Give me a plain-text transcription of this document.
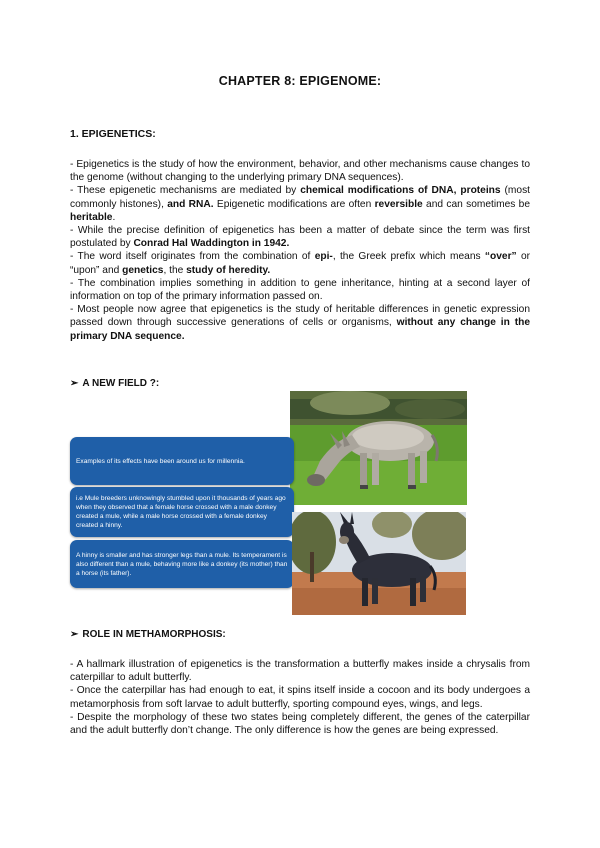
CHAPTER 8: EPIGENOME:
1. EPIGENETICS:

- Epigenetics is the study of how the environment, behavior, and other mechanisms cause changes to the genome (without changing to the underlying primary DNA sequences).

- These epigenetic mechanisms are mediated by chemical modifications of DNA, proteins (most commonly histones), and RNA. Epigenetic modifications are often reversible and can sometimes be heritable.

- While the precise definition of epigenetics has been a matter of debate since the term was first postulated by Conrad Hal Waddington in 1942.

- The word itself originates from the combination of epi-, the Greek prefix which means “over” or “upon” and genetics, the study of heredity.

- The combination implies something in addition to gene inheritance, hinting at a second layer of information on top of the primary information passed on.

- Most people now agree that epigenetics is the study of heritable differences in genetic expression passed down through successive generations of cells or organisms, without any change in the primary DNA sequence.

➢ A NEW FIELD ?:
Examples of its effects have been around us for millennia.
i.e Mule breeders unknowingly stumbled upon it thousands of years ago when they observed that a female horse crossed with a male donkey created a mule, while a male horse crossed with a female donkey created a hinny.
A hinny is smaller and has stronger legs than a mule. Its temperament is also different than a mule, behaving more like a donkey (its mother) than a horse (its father).
➢ ROLE IN METHAMORPHOSIS:

- A hallmark illustration of epigenetics is the transformation a butterfly makes inside a chrysalis from caterpillar to adult butterfly.

- Once the caterpillar has had enough to eat, it spins itself inside a cocoon and its body undergoes a metamorphosis from soft larvae to adult butterfly, sporting compound eyes, wings, and legs.

- Despite the morphology of these two states being completely different, the genes of the caterpillar and the adult butterfly don’t change. The only difference is how the genes are being expressed.
